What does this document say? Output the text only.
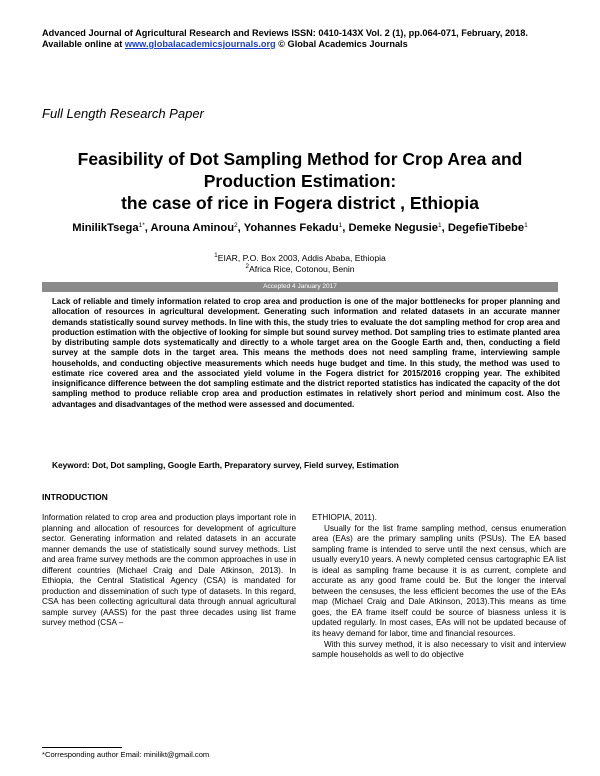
Advanced Journal of Agricultural Research and Reviews ISSN: 0410-143X Vol. 2 (1), pp.064-071, February, 2018.
Available online at www.globalacademicsjournals.org © Global Academics Journals
Full Length Research Paper
Feasibility of Dot Sampling Method for Crop Area and
Production Estimation:
the case of rice in Fogera district , Ethiopia
MinilikTsega$^{1*}$, Arouna Aminou$^2$, Yohannes Fekadu$^1$, Demeke Negusie$^1$, DegefieTibebe$^1$
$^1$EIAR, P.O. Box 2003, Addis Ababa, Ethiopia
$^2$Africa Rice, Cotonou, Benin
Accepted 4 January 2017
Lack of reliable and timely information related to crop area and production is one of the major bottlenecks for proper planning and allocation of resources in agricultural development. Generating such information and related datasets in an accurate manner demands statistically sound survey methods. In line with this, the study tries to evaluate the dot sampling method for crop area and production estimation with the objective of looking for simple but sound survey method. Dot sampling tries to estimate planted area by distributing sample dots systematically and directly to a whole target area on the Google Earth and, then, conducting a field survey at the sample dots in the target area. This means the methods does not need sampling frame, interviewing sample households, and conducting objective measurements which needs huge budget and time. In this study, the method was used to estimate rice covered area and the associated yield volume in the Fogera district for 2015/2016 cropping year. The exhibited insignificance difference between the dot sampling estimate and the district reported statistics has indicated the capacity of the dot sampling method to produce reliable crop area and production estimates in relatively short period and minimum cost. Also the advantages and disadvantages of the method were assessed and documented.
Keyword: Dot, Dot sampling, Google Earth, Preparatory survey, Field survey, Estimation
INTRODUCTION

Information related to crop area and production plays important role in planning and allocation of resources for development of agriculture sector. Generating information and related datasets in an accurate manner demands the use of statistically sound survey methods. List and area frame survey methods are the common approaches in use in different countries (Michael Craig and Dale Atkinson, 2013). In Ethiopia, the Central Statistical Agency (CSA) is mandated for production and dissemination of such type of datasets. In this regard, CSA has been collecting agricultural data through annual agricultural sample survey (AASS) for the past three decades using list frame survey method (CSA –

ETHIOPIA, 2011).

Usually for the list frame sampling method, census enumeration area (EAs) are the primary sampling units (PSUs). The EA based sampling frame is intended to serve until the next census, which are usually every10 years. A newly completed census cartographic EA list is ideal as sampling frame because it is as current, complete and accurate as any good frame could be. But the longer the interval between the censuses, the less efficient becomes the use of the EAs map (Michael Craig and Dale Atkinson, 2013).This means as time goes, the EA frame itself could be source of biasness unless it is updated regularly. In most cases, EAs will not be updated because of its heavy demand for labor, time and financial resources.

With this survey method, it is also necessary to visit and interview sample households as well to do objective

*Corresponding author Email: minilikt@gmail.com
